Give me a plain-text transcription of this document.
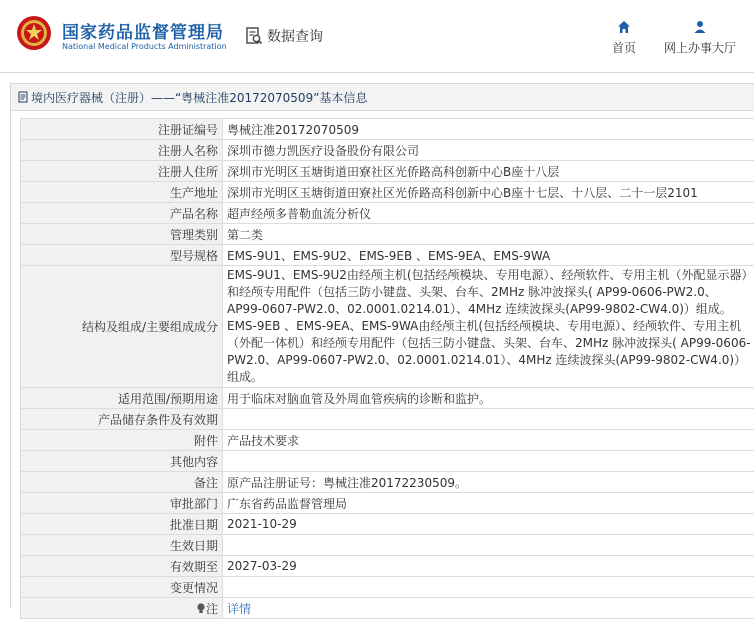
国家药品监督管理局
National Medical Products Administration
数据查询
首页	网上办事大厅
境内医疗器械（注册）——“粤械注准20172070509”基本信息
注册证编号	粤械注准20172070509
注册人名称	深圳市德力凯医疗设备股份有限公司
注册人住所	深圳市光明区玉塘街道田寮社区光侨路高科创新中心B座十八层
生产地址	深圳市光明区玉塘街道田寮社区光侨路高科创新中心B座十七层、十八层、二十一层2101
产品名称	超声经颅多普勒血流分析仪
管理类别	第二类
型号规格	EMS-9U1、EMS-9U2、EMS-9EB 、EMS-9EA、EMS-9WA
结构及组成/主要组成成分	EMS-9U1、EMS-9U2由经颅主机(包括经颅模块、专用电源）、经颅软件、专用主机（外配显示器）和经颅专用配件（包括三防小键盘、头架、台车、2MHz 脉冲波探头( AP99-0606-PW2.0、AP99-0607-PW2.0、02.0001.0214.01）、4MHz 连续波探头(AP99-9802-CW4.0)）组成。EMS-9EB 、EMS-9EA、EMS-9WA由经颅主机(包括经颅模块、专用电源）、经颅软件、专用主机（外配一体机）和经颅专用配件（包括三防小键盘、头架、台车、2MHz 脉冲波探头( AP99-0606-PW2.0、AP99-0607-PW2.0、02.0001.0214.01）、4MHz 连续波探头(AP99-9802-CW4.0)）组成。
适用范围/预期用途	用于临床对脑血管及外周血管疾病的诊断和监护。
产品储存条件及有效期	
附件	产品技术要求
其他内容	
备注	原产品注册证号：粤械注准20172230509。
审批部门	广东省药品监督管理局
批准日期	2021-10-29
生效日期	
有效期至	2027-03-29
变更情况	

注	详情
